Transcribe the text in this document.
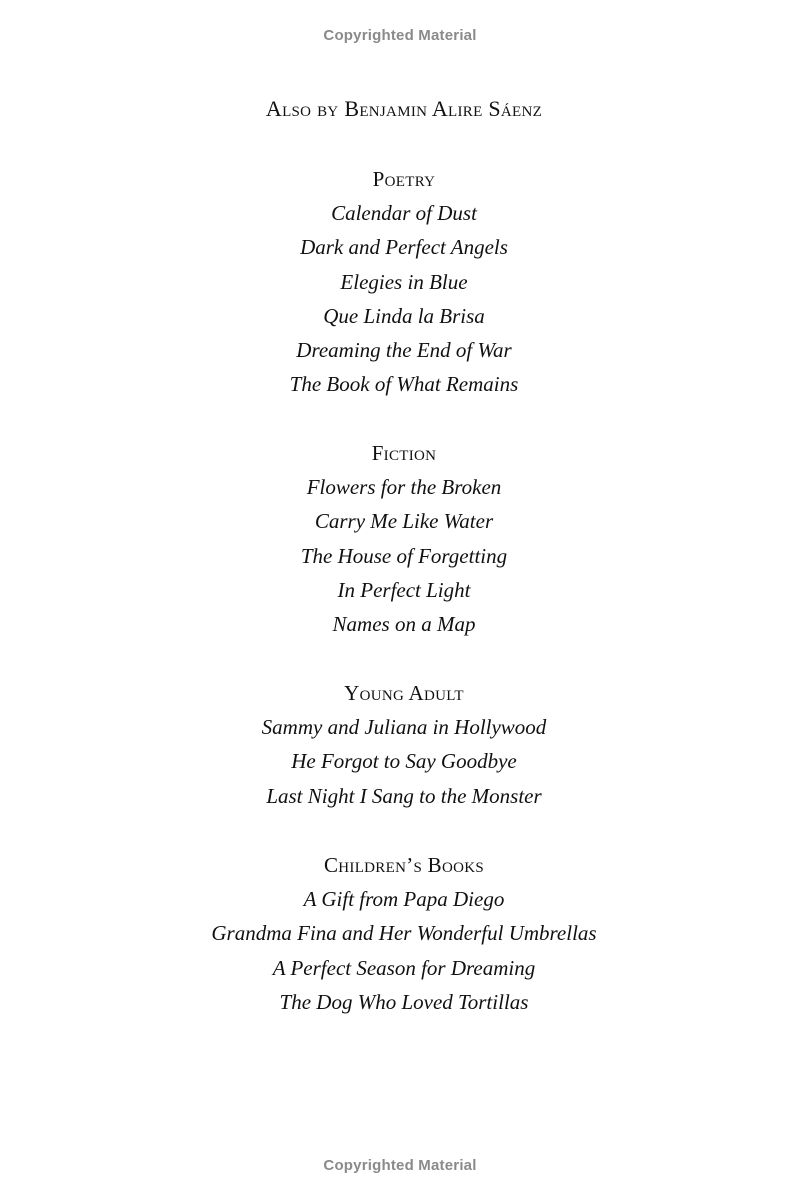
Copyrighted Material
Also by Benjamin Alire Sáenz
Poetry
Calendar of Dust
Dark and Perfect Angels
Elegies in Blue
Que Linda la Brisa
Dreaming the End of War
The Book of What Remains
Fiction
Flowers for the Broken
Carry Me Like Water
The House of Forgetting
In Perfect Light
Names on a Map
Young Adult
Sammy and Juliana in Hollywood
He Forgot to Say Goodbye
Last Night I Sang to the Monster
Children’s Books
A Gift from Papa Diego
Grandma Fina and Her Wonderful Umbrellas
A Perfect Season for Dreaming
The Dog Who Loved Tortillas
Copyrighted Material
